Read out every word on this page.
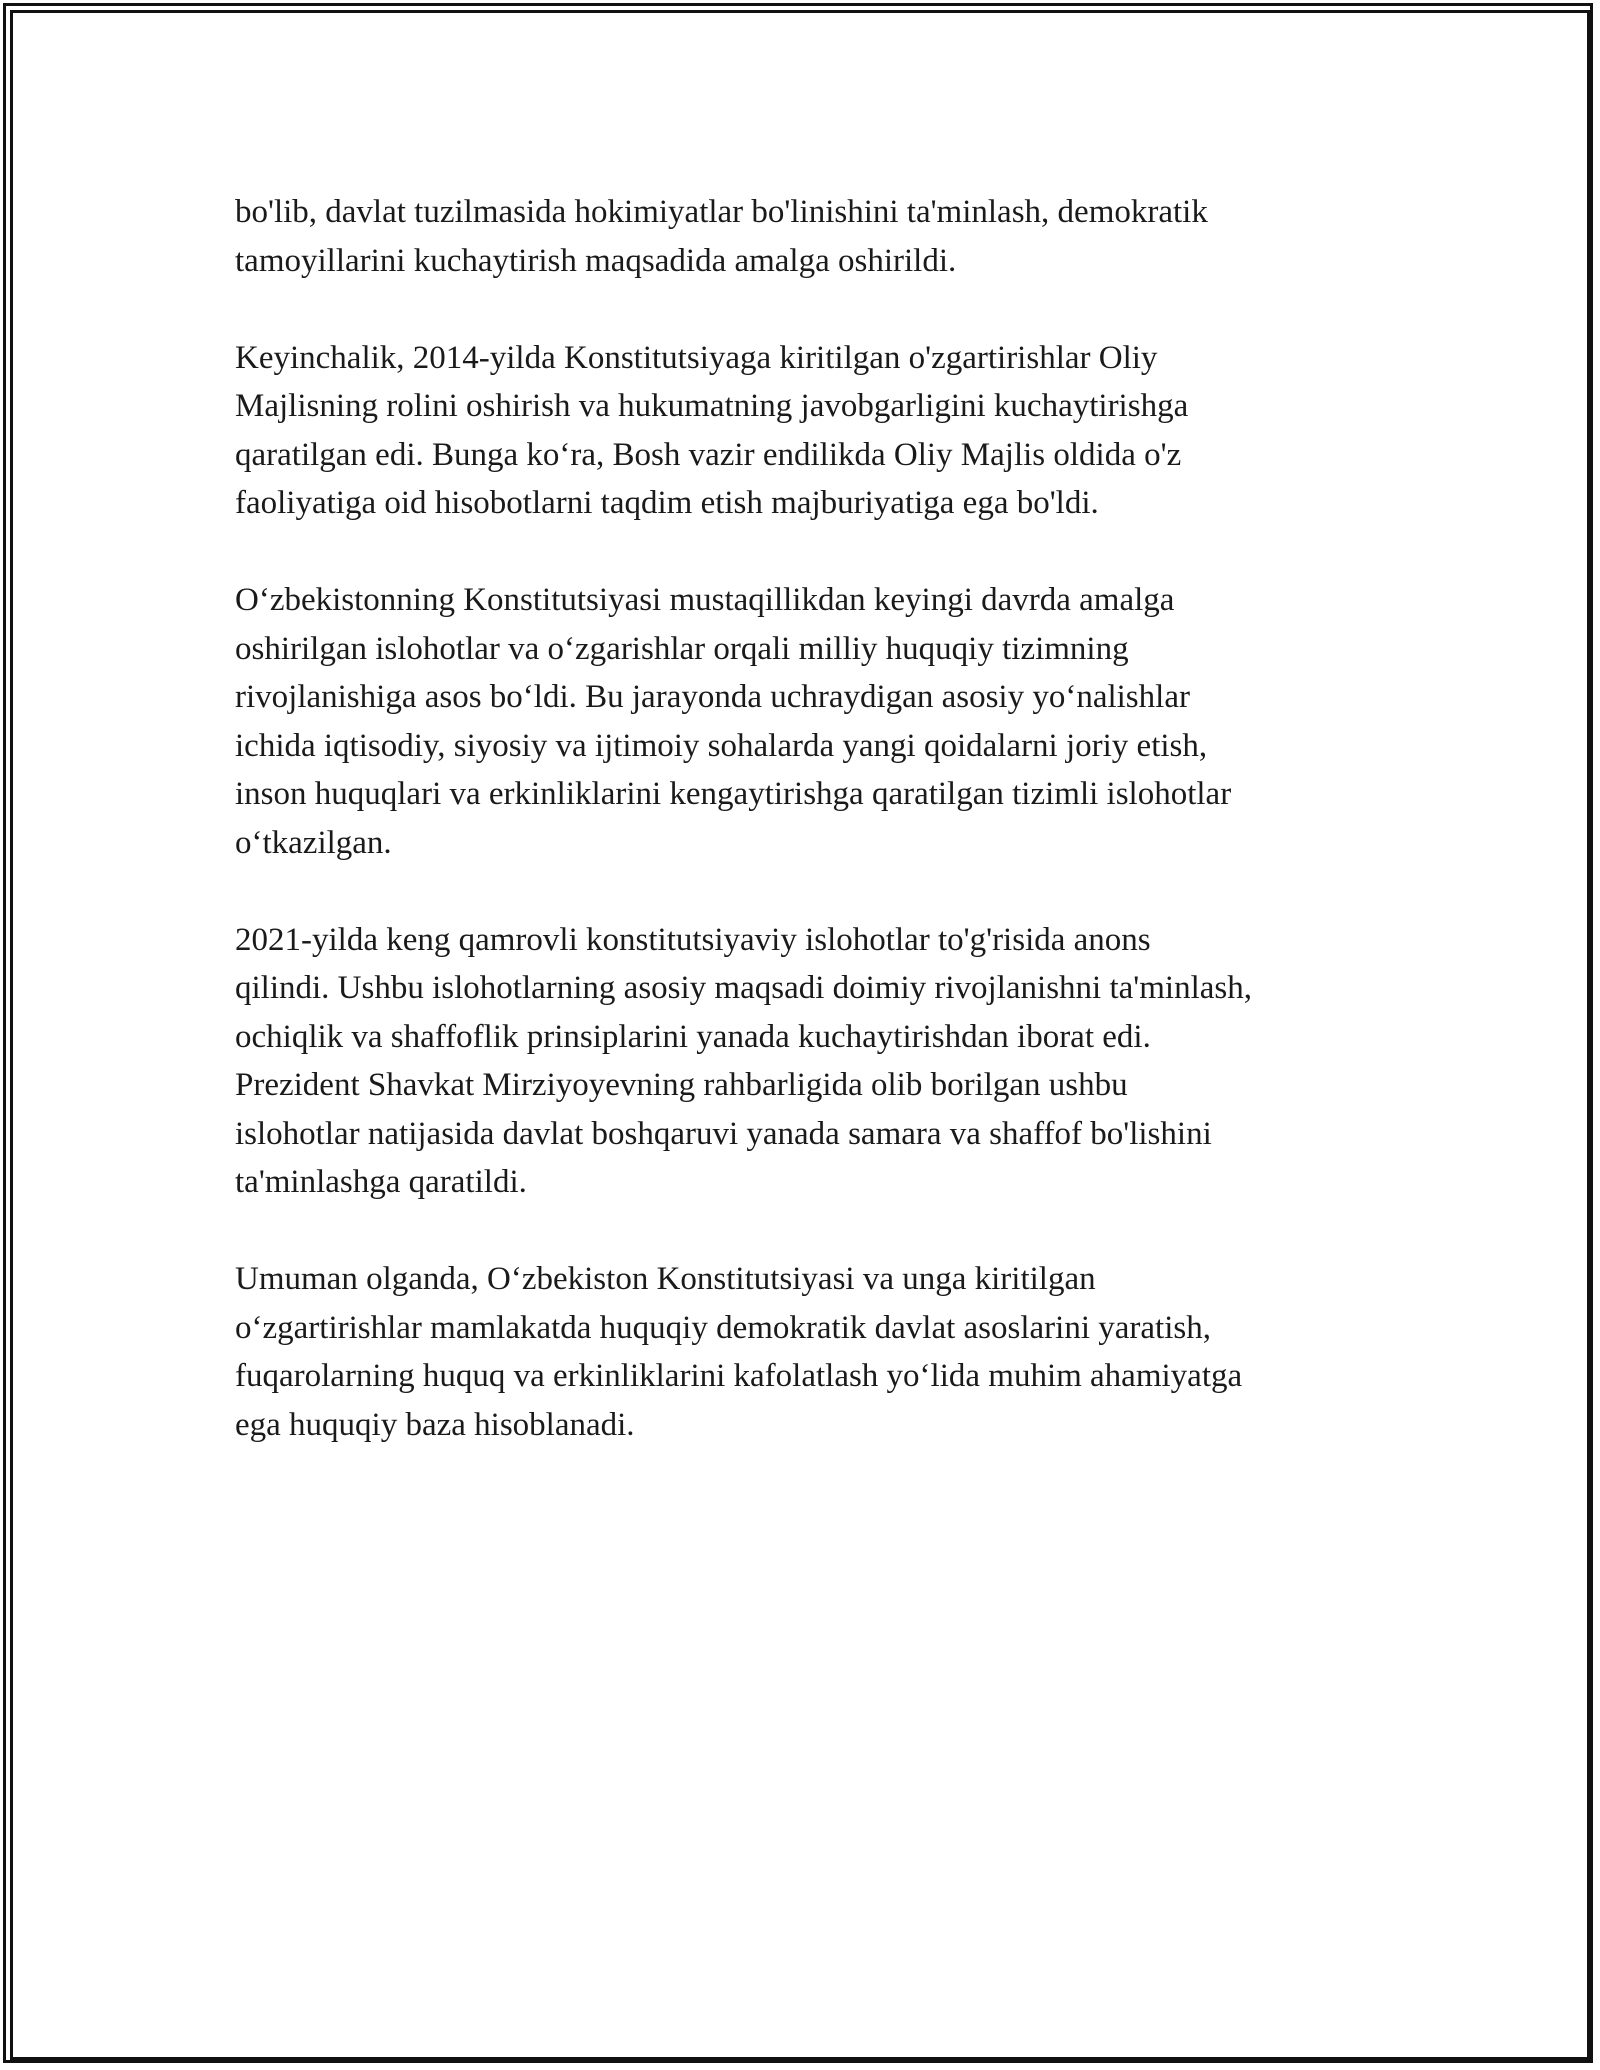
bo'lib, davlat tuzilmasida hokimiyatlar bo'linishini ta'minlash, demokratik
tamoyillarini kuchaytirish maqsadida amalga oshirildi.

Keyinchalik, 2014-yilda Konstitutsiyaga kiritilgan o'zgartirishlar Oliy
Majlisning rolini oshirish va hukumatning javobgarligini kuchaytirishga
qaratilgan edi. Bunga ko‘ra, Bosh vazir endilikda Oliy Majlis oldida o'z
faoliyatiga oid hisobotlarni taqdim etish majburiyatiga ega bo'ldi.

O‘zbekistonning Konstitutsiyasi mustaqillikdan keyingi davrda amalga
oshirilgan islohotlar va o‘zgarishlar orqali milliy huquqiy tizimning
rivojlanishiga asos bo‘ldi. Bu jarayonda uchraydigan asosiy yo‘nalishlar
ichida iqtisodiy, siyosiy va ijtimoiy sohalarda yangi qoidalarni joriy etish,
inson huquqlari va erkinliklarini kengaytirishga qaratilgan tizimli islohotlar
o‘tkazilgan.

2021-yilda keng qamrovli konstitutsiyaviy islohotlar to'g'risida anons
qilindi. Ushbu islohotlarning asosiy maqsadi doimiy rivojlanishni ta'minlash,
ochiqlik va shaffoflik prinsiplarini yanada kuchaytirishdan iborat edi.
Prezident Shavkat Mirziyoyevning rahbarligida olib borilgan ushbu
islohotlar natijasida davlat boshqaruvi yanada samara va shaffof bo'lishini
ta'minlashga qaratildi.

Umuman olganda, O‘zbekiston Konstitutsiyasi va unga kiritilgan
o‘zgartirishlar mamlakatda huquqiy demokratik davlat asoslarini yaratish,
fuqarolarning huquq va erkinliklarini kafolatlash yo‘lida muhim ahamiyatga
ega huquqiy baza hisoblanadi.
